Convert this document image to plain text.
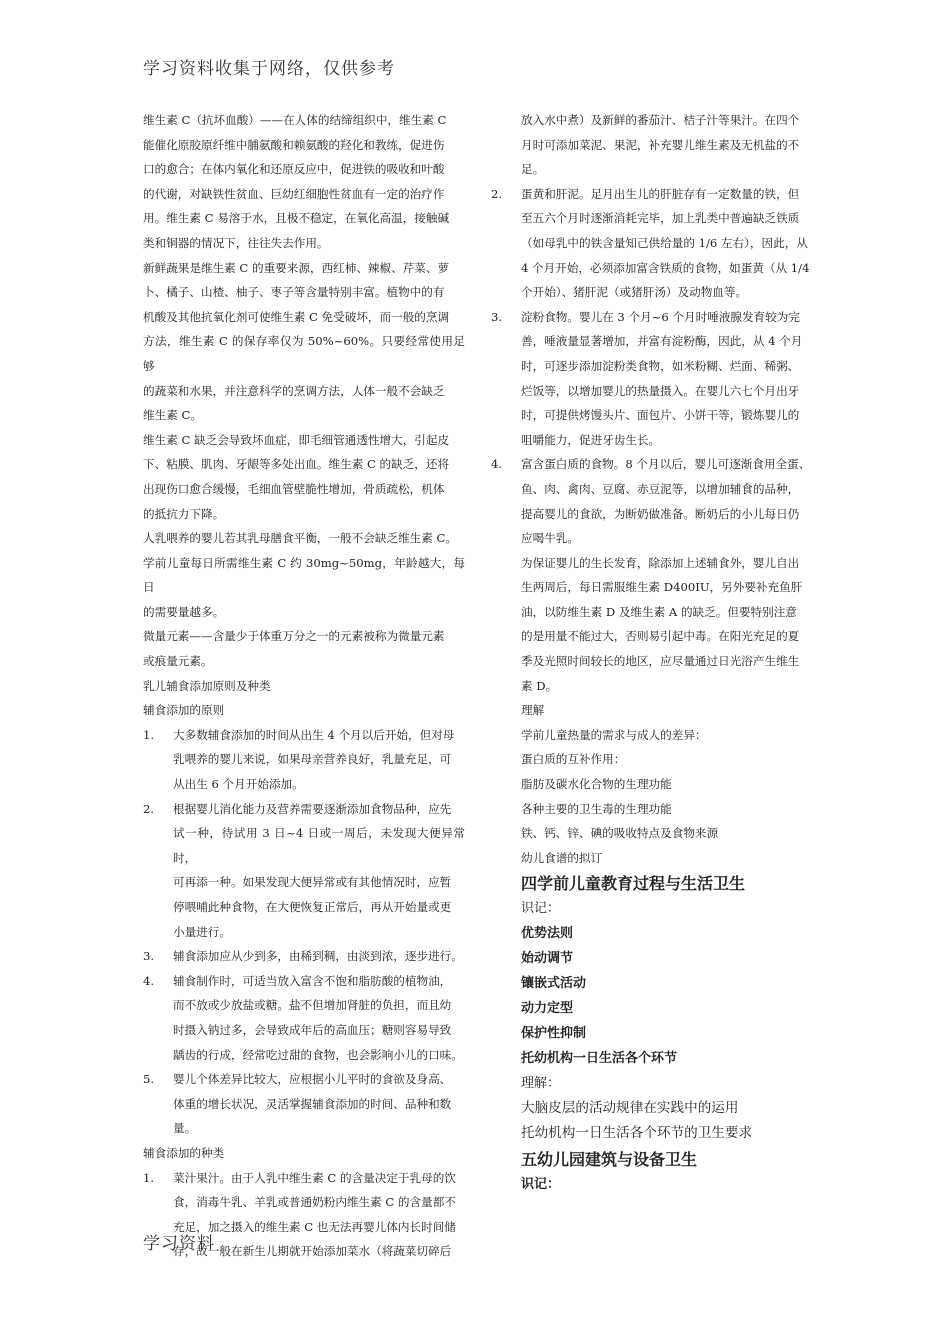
学习资料收集于网络，仅供参考
维生素 C（抗坏血酸）——在人体的结缔组织中，维生素 C
能催化原胶原纤维中脯氨酸和赖氨酸的羟化和教练，促进伤
口的愈合；在体内氧化和还原反应中，促进铁的吸收和叶酸
的代谢，对缺铁性贫血、巨幼红细胞性贫血有一定的治疗作
用。维生素 C 易溶于水，且极不稳定，在氧化高温，接触碱
类和铜器的情况下，往往失去作用。
新鲜蔬果是维生素 C 的重要来源，西红柿、辣椒、芹菜、萝
卜、橘子、山楂、柚子、枣子等含量特别丰富。植物中的有
机酸及其他抗氧化剂可使维生素 C 免受破坏，而一般的烹调
方法，维生素 C 的保存率仅为 50%~60%。只要经常使用足够
的蔬菜和水果，并注意科学的烹调方法，人体一般不会缺乏
维生素 C。
维生素 C 缺乏会导致坏血症，即毛细管通透性增大，引起皮
下、粘膜、肌肉、牙龈等多处出血。维生素 C 的缺乏，还将
出现伤口愈合缓慢，毛细血管壁脆性增加，骨质疏松，机体
的抵抗力下降。
人乳喂养的婴儿若其乳母膳食平衡，一般不会缺乏维生素 C。
学前儿童每日所需维生素 C 约 30mg~50mg，年龄越大，每日
的需要量越多。
微量元素——含量少于体重万分之一的元素被称为微量元素
或痕量元素。
乳儿辅食添加原则及种类
辅食添加的原则
1.	大多数辅食添加的时间从出生 4 个月以后开始，但对母
乳喂养的婴儿来说，如果母亲营养良好，乳量充足，可
从出生 6 个月开始添加。
2.	根据婴儿消化能力及营养需要逐渐添加食物品种，应先
试一种，待试用 3 日~4 日或一周后，未发现大便异常时，
可再添一种。如果发现大便异常或有其他情况时，应暂
停喂哺此种食物，在大便恢复正常后，再从开始量或更
小量进行。
3.	辅食添加应从少到多，由稀到稠，由淡到浓，逐步进行。
4.	辅食制作时，可适当放入富含不饱和脂肪酸的植物油，
而不放或少放盐或糖。盐不但增加肾脏的负担，而且幼
时摄入钠过多，会导致成年后的高血压；糖则容易导致
龋齿的行成，经常吃过甜的食物，也会影响小儿的口味。
5.	婴儿个体差异比较大，应根据小儿平时的食欲及身高、
体重的增长状况，灵活掌握辅食添加的时间、品种和数
量。
辅食添加的种类
1.	菜汁果汁。由于人乳中维生素 C 的含量决定于乳母的饮
食，消毒牛乳、羊乳或普通奶粉内维生素 C 的含量都不
充足，加之摄入的维生素 C 也无法再婴儿体内长时间储
存，故一般在新生儿期就开始添加菜水（将蔬菜切碎后
放入水中煮）及新鲜的番茄汁、桔子汁等果汁。在四个
月时可添加菜泥、果泥，补充婴儿维生素及无机盐的不
足。
2.	蛋黄和肝泥。足月出生儿的肝脏存有一定数量的铁，但
至五六个月时逐渐消耗完毕，加上乳类中普遍缺乏铁质
（如母乳中的铁含量知己供给量的 1/6 左右），因此，从
4 个月开始，必须添加富含铁质的食物，如蛋黄（从 1/4
个开始）、猪肝泥（或猪肝汤）及动物血等。
3.	淀粉食物。婴儿在 3 个月~6 个月时唾液腺发育较为完
善，唾液量显著增加，并富有淀粉酶，因此，从 4 个月
时，可逐步添加淀粉类食物，如米粉糊、烂面、稀粥、
烂饭等，以增加婴儿的热量摄入。在婴儿六七个月出牙
时，可提供烤馒头片、面包片、小饼干等，锻炼婴儿的
咀嚼能力，促进牙齿生长。
4.	富含蛋白质的食物。8 个月以后，婴儿可逐渐食用全蛋、
鱼、肉、禽肉、豆腐、赤豆泥等，以增加辅食的品种，
提高婴儿的食欲，为断奶做准备。断奶后的小儿每日仍
应喝牛乳。
为保证婴儿的生长发育，除添加上述辅食外，婴儿自出
生两周后，每日需服维生素 D400IU，另外要补充鱼肝
油，以防维生素 D 及维生素 A 的缺乏。但要特别注意
的是用量不能过大，否则易引起中毒。在阳光充足的夏
季及光照时间较长的地区，应尽量通过日光浴产生维生
素 D。
理解
学前儿童热量的需求与成人的差异：
蛋白质的互补作用：
脂肪及碳水化合物的生理功能
各种主要的卫生毒的生理功能
铁、钙、锌、碘的吸收特点及食物来源
幼儿食谱的拟订
四学前儿童教育过程与生活卫生
识记：
优势法则
始动调节
镶嵌式活动
动力定型
保护性抑制
托幼机构一日生活各个环节
理解：
大脑皮层的活动规律在实践中的运用
托幼机构一日生活各个环节的卫生要求
五幼儿园建筑与设备卫生
识记：
学习资料
